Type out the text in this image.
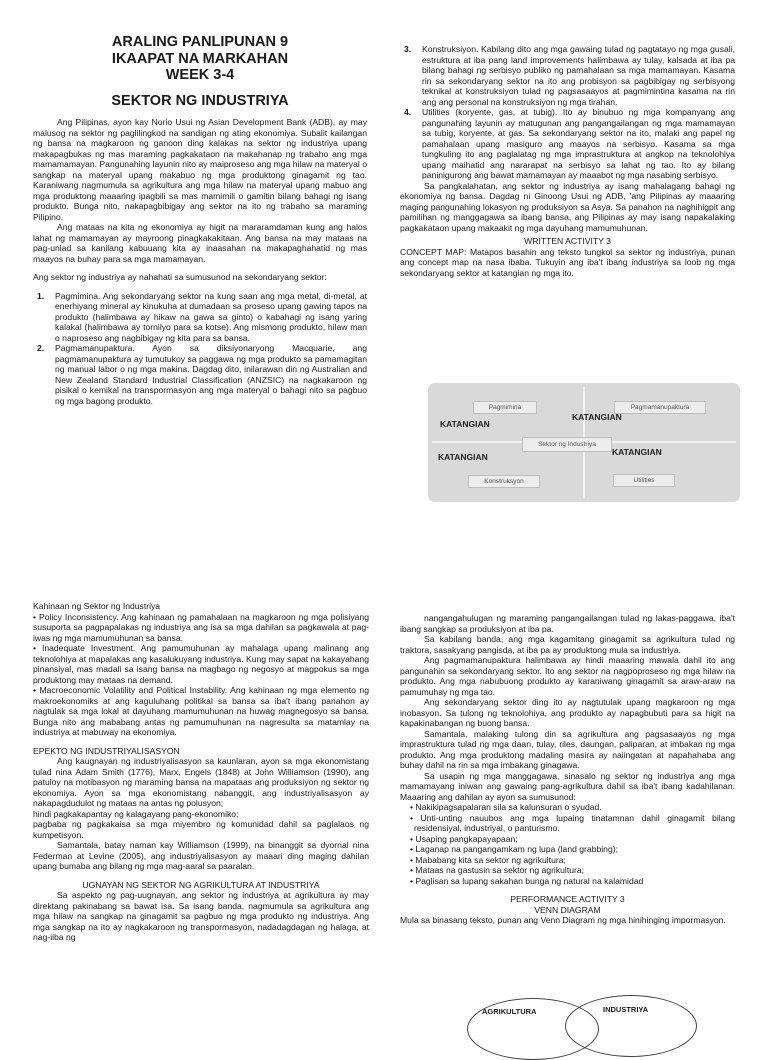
ARALING PANLIPUNAN 9

IKAAPAT NA MARKAHAN

WEEK 3-4

SEKTOR NG INDUSTRIYA

Ang Pilipinas, ayon kay Norio Usui ng Asian Development Bank (ADB), ay may malusog na sektor ng paglilingkod na sandigan ng ating ekonomiya. Subalit kailangan ng bansa na magkaroon ng ganoon ding kalakas na sektor ng industriya upang makapagbukas ng mas maraming pagkakataon na makahanap ng trabaho ang mga mamamamayan. Pangunahing layunin nito ay maiproseso ang mga hilaw na materyal o sangkap na materyal upang makabuo ng mga produktong ginagamit ng tao. Karaniwang nagmumula sa agrikultura ang mga hilaw na materyal upang mabuo ang mga produktong maaaring ipagbili sa mas mamimili o gamitin bilang bahagi ng isang produkto. Bunga nito, nakapagbibigay ang sektor na ito ng trabaho sa maraming Pilipino.

Ang mataas na kita ng ekonomiya ay higit na mararamdaman kung ang halos lahat ng mamamayan ay mayroong pinagkakakitaan. Ang bansa na may mataas na pag-unlad sa kanilang kabuuang kita ay inaasahan na makapaghahatid ng mas maayos na buhay para sa mga mamamayan.

Ang sektor ng industriya ay nahahati sa sumusunod na sekondaryang sektor:

1. Pagmimina. Ang sekondaryang sektor na kung saan ang mga metal, di-metal, at enerhiyang mineral ay kinukuha at dumadaan sa proseso upang gawing tapos na produkto (halimbawa ay hikaw na gawa sa ginto) o kabahagi ng isang yaring kalakal (halimbawa ay tornilyo para sa kotse). Ang mismong produkto, hilaw man o naproseso ang nagbibigay ng kita para sa bansa.
2. Pagmamanupaktura. Ayon sa diksiyonaryong Macquarie, ang pagmamanupaktura ay tumutukoy sa paggawa ng mga produkto sa pamamagitan ng manual labor o ng mga makina. Dagdag dito, inilarawan din ng Australian and New Zealand Standard Industrial Classification (ANZSIC) na nagkakaroon ng pisikal o kemikal na transpormasyon ang mga materyal o bahagi nito sa pagbuo ng mga bagong produkto.
3. Konstruksiyon. Kabilang dito ang mga gawaing tulad ng pagtatayo ng mga gusali, estruktura at iba pang land improvements halimbawa ay tulay, kalsada at iba pa bilang bahagi ng serbisyo publiko ng pamahalaan sa mga mamamayan. Kasama rin sa sekondaryang sektor na ito ang probisyon sa pagbibigay ng serbisyong teknikal at konstruksiyon tulad ng pagsasaayos at pagmimintina kasama na rin ang ang personal na konstruksiyon ng mga tirahan.
4. Utilities (koryente, gas, at tubig). Ito ay binubuo ng mga kompanyang ang pangunahing layunin ay matugunan ang pangangailangan ng mga mamamayan sa tubig, koryente, at gas. Sa sekondaryang sektor na ito, malaki ang papel ng pamahalaan upang masiguro ang maayos na serbisyo. Kasama sa mga tungkuling ito ang paglalatag ng mga imprastruktura at angkop na teknolohiya upang maihatid ang nararapat na serbisyo sa lahat ng tao. Ito ay bilang paninigurong ang bawat mamamayan ay maaabot ng mga nasabing serbisyo.

Sa pangkalahatan, ang sektor ng industriya ay isang mahalagang bahagi ng ekonomiya ng bansa. Dagdag ni Ginoong Usui ng ADB, 'ang Pilipinas ay maaaring maging pangunahing lokasyon ng produksiyon sa Asya. Sa panahon na naghihigpit ang pamilihan ng manggagawa sa ibang bansa, ang Pilipinas ay may isang napakalaking pagkakataon upang makaakit ng mga dayuhang mamumuhunan.

WRITTEN ACTIVITY 3

CONCEPT MAP: Matapos basahin ang teksto tungkol sa sektor ng industriya, punan ang concept map na nasa ibaba. Tukuyin ang iba't ibang industriya sa loob ng mga sekondaryang sektor at katangian ng mga ito.

Pagmimina	Pagmamanupaktura
Konstruksyon	Utilities
Sektor ng Industriya
KATANGIAN
KATANGIAN
KATANGIAN	KATANGIAN

Kahinaan ng Sektor ng Industriya

• Policy Inconsistency. Ang kahinaan ng pamahalaan na magkaroon ng mga polisiyang susuporta sa pagpapalakas ng industriya ang isa sa mga dahilan sa pagkawala at pag-iwas ng mga mamumuhunan sa bansa.

• Inadequate Investment. Ang pamumuhunan ay mahalaga upang malinang ang teknolohiya at mapalakas ang kasalukuyang industriya. Kung may sapat na kakayahang pinansiyal, mas madali sa isang bansa na magbago ng negosyo at magpokus sa mga produktong may mataas na demand.

• Macroeconomic Volatility and Political Instability. Ang kahinaan ng mga elemento ng makroekonomiks at ang kaguluhang politikal sa bansa sa iba't ibang panahon ay nagtulak sa mga lokal at dayuhang mamumuhunan na huwag magnegosyo sa bansa. Bunga nito ang mababang antas ng pamumuhunan na nagresulta sa matamlay na industriya at mabuway na ekonomiya.

EPEKTO NG INDUSTRIYALISASYON

Ang kaugnayan ng industriyalisasyon sa kaunlaran, ayon sa mga ekonomistang tulad nina Adam Smith (1776), Marx, Engels (1848) at John Williamson (1990), ang patuloy na motibasyon ng maraming bansa na mapataas ang produksiyon ng sektor ng ekonomiya. Ayon sa mga ekonomistang nabanggit, ang industriyalisasyon ay nakapagdudulot ng mataas na antas ng polusyon;

hindi pagkakapantay ng kalagayang pang-ekonomiko;

pagbaba ng pagkakaisa sa mga miyembro ng komunidad dahil sa paglalaos ng kumpetisyon.

Samantala, batay naman kay Williamson (1999), na binanggit sa dyornal nina Federman at Levine (2005), ang industriyalisasyon ay maaari ding maging dahilan upang bumaba ang bilang ng mga mag-aaral sa paaralan.

UGNAYAN NG SEKTOR NG AGRIKULTURA AT INDUSTRIYA

Sa aspekto ng pag-uugnayan, ang sektor ng industriya at agrikultura ay may direktang pakinabang sa bawat isa. Sa isang banda, nagmumula sa agrikultura ang mga hilaw na sangkap na ginagamit sa pagbuo ng mga produkto ng industriya. Ang mga sangkap na ito ay nagkakaroon ng transpormasyon, nadadagdagan ng halaga, at nag-iiba ng

nangangahulugan ng maraming pangangailangan tulad ng lakas-paggawa, iba't ibang sangkap sa produksiyon at iba pa.

Sa kabilang banda, ang mga kagamitang ginagamit sa agrikultura tulad ng traktora, sasakyang pangisda, at iba pa ay produktong mula sa industriya.

Ang pagmamanupaktura halimbawa ay hindi maaaring mawala dahil ito ang pangunahin sa sekondaryang sektor. Ito ang sektor na nagpoproseso ng mga hilaw na produkto. Ang mga nabubuong produkto ay karaniwang ginagamit sa araw-araw na pamumuhay ng mga tao.

Ang sekondaryang sektor ding ito ay nagtutulak upang magkaroon ng mga inobasyon. Sa tulong ng teknolohiya, ang produkto ay napagbubuti para sa higit na kapakinabangan ng buong bansa.

Samantala, malaking tulong din sa agrikultura ang pagsasaayos ng mga imprastruktura tulad ng mga daan, tulay, riles, daungan, paliparan, at imbakan ng mga produkto. Ang mga produktong madaling masira ay naiingatan at napahahaba ang buhay dahil na rin sa mga imbakang ginagawa.

Sa usapin ng mga manggagawa, sinasalo ng sektor ng industriya ang mga mamamayang iniwan ang gawaing pang-agrikultura dahil sa iba't ibang kadahilanan. Maaaring ang dahilan ay ayon sa sumusunod:

• Nakikipagsapalaran sila sa kalunsuran o syudad.

• Unti-unting nauubos ang mga lupaing tinatamnan dahil ginagamit bilang residensiyal, industriyal, o panturismo.

• Usaping pangkapayapaan;

• Laganap na pangangamkam ng lupa (land grabbing);

• Mababang kita sa sektor ng agrikultura;

• Mataas na gastusin sa sektor ng agrikultura;

• Paglisan sa lupang sakahan bunga ng natural na kalamidad

PERFORMANCE ACTIVITY 3

VENN DIAGRAM

Mula sa binasang teksto, punan ang Venn Diagram ng mga hinihinging impormasyon.

AGRIKULTURA	INDUSTRIYA
